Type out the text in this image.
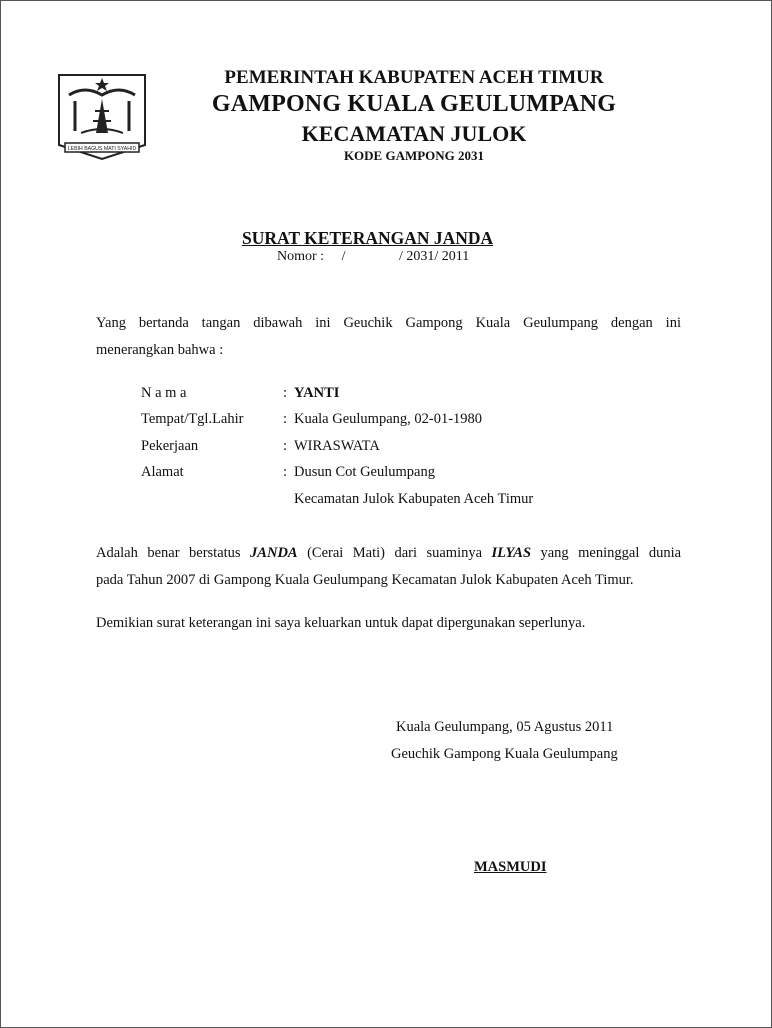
LEBIH BAGUS MATI SYAHID
PEMERINTAH KABUPATEN ACEH TIMUR
GAMPONG KUALA GEULUMPANG
KECAMATAN JULOK
KODE GAMPONG 2031
SURAT KETERANGAN JANDA
Nomor : /	/ 2031/ 2011
Yang bertanda tangan dibawah ini Geuchik Gampong Kuala Geulumpang dengan ini
menerangkan bahwa :
N a m a	: YANTI
Tempat/Tgl.Lahir	: Kuala Geulumpang, 02-01-1980
Pekerjaan	: WIRASWATA
Alamat	: Dusun Cot Geulumpang
Kecamatan Julok Kabupaten Aceh Timur
Adalah benar berstatus JANDA (Cerai Mati) dari suaminya ILYAS yang meninggal dunia
pada Tahun 2007 di Gampong Kuala Geulumpang Kecamatan Julok Kabupaten Aceh Timur.
Demikian surat keterangan ini saya keluarkan untuk dapat dipergunakan seperlunya.
Kuala Geulumpang, 05 Agustus 2011
Geuchik Gampong Kuala Geulumpang
MASMUDI
